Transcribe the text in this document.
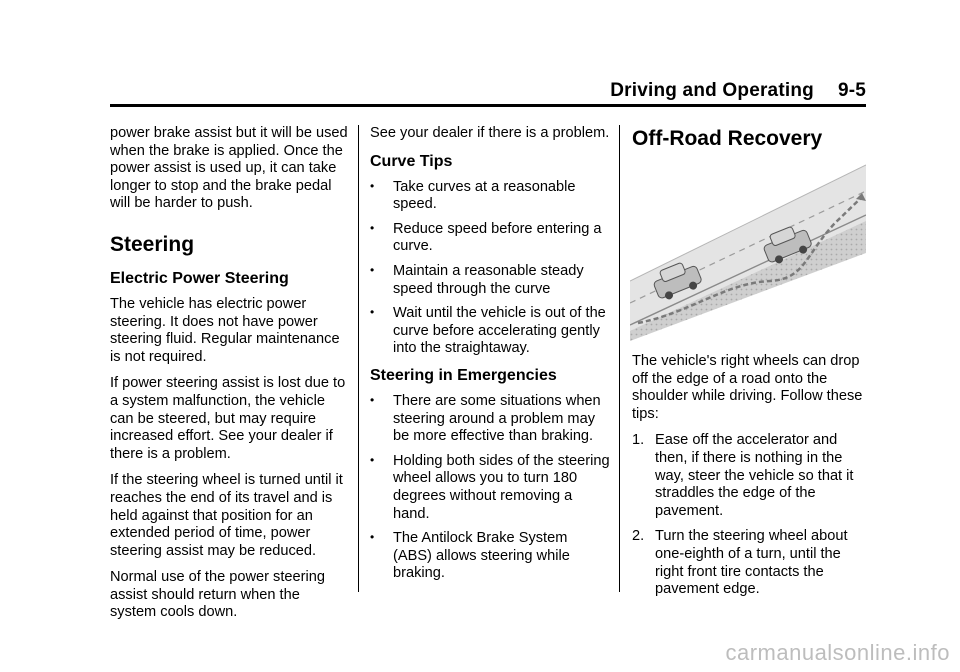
Driving and Operating 9-5

power brake assist but it will be used when the brake is applied. Once the power assist is used up, it can take longer to stop and the brake pedal will be harder to push.

Steering
Electric Power Steering

The vehicle has electric power steering. It does not have power steering fluid. Regular maintenance is not required.

If power steering assist is lost due to a system malfunction, the vehicle can be steered, but may require increased effort. See your dealer if there is a problem.

If the steering wheel is turned until it reaches the end of its travel and is held against that position for an extended period of time, power steering assist may be reduced.

Normal use of the power steering assist should return when the system cools down.

See your dealer if there is a problem.

Curve Tips
• Take curves at a reasonable speed.
• Reduce speed before entering a curve.
• Maintain a reasonable steady speed through the curve
• Wait until the vehicle is out of the curve before accelerating gently into the straightaway.
Steering in Emergencies
• There are some situations when steering around a problem may be more effective than braking.
• Holding both sides of the steering wheel allows you to turn 180 degrees without removing a hand.
• The Antilock Brake System (ABS) allows steering while braking.
Off-Road Recovery

The vehicle's right wheels can drop off the edge of a road onto the shoulder while driving. Follow these tips:

1. Ease off the accelerator and then, if there is nothing in the way, steer the vehicle so that it straddles the edge of the pavement.
2. Turn the steering wheel about one-eighth of a turn, until the right front tire contacts the pavement edge.
carmanualsonline.info
